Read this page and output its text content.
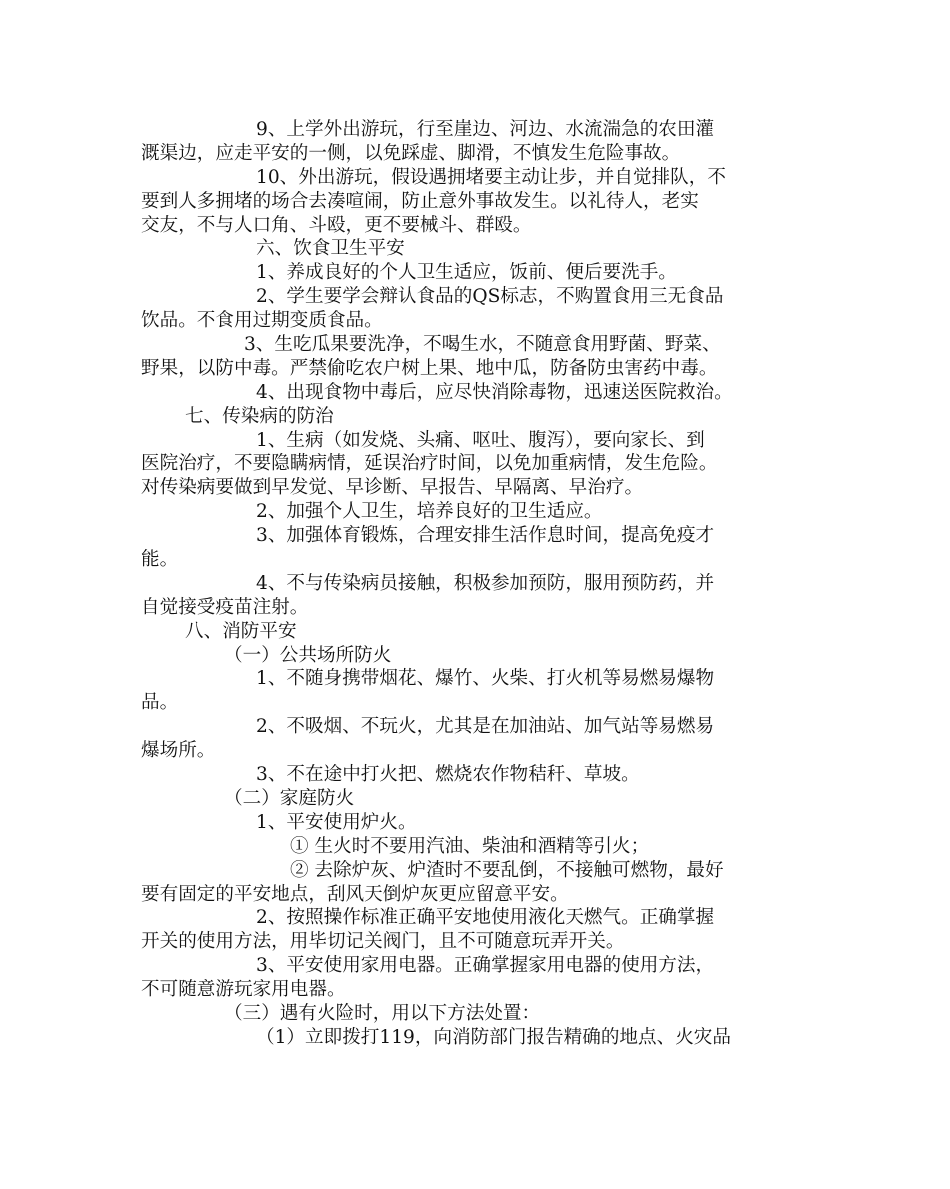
9、上学外出游玩，行至崖边、河边、水流湍急的农田灌
溉渠边，应走平安的一侧，以免踩虚、脚滑，不慎发生危险事故。
10、外出游玩，假设遇拥堵要主动让步，并自觉排队，不
要到人多拥堵的场合去凑喧闹，防止意外事故发生。以礼待人，老实
交友，不与人口角、斗殴，更不要械斗、群殴。
六、饮食卫生平安
1、养成良好的个人卫生适应，饭前、便后要洗手。
2、学生要学会辩认食品的QS标志，不购置食用三无食品
饮品。不食用过期变质食品。
3、生吃瓜果要洗净，不喝生水，不随意食用野菌、野菜、
野果，以防中毒。严禁偷吃农户树上果、地中瓜，防备防虫害药中毒。
4、出现食物中毒后，应尽快消除毒物，迅速送医院救治。
七、传染病的防治
1、生病（如发烧、头痛、呕吐、腹泻），要向家长、到
医院治疗，不要隐瞒病情，延误治疗时间，以免加重病情，发生危险。
对传染病要做到早发觉、早诊断、早报告、早隔离、早治疗。
2、加强个人卫生，培养良好的卫生适应。
3、加强体育锻炼，合理安排生活作息时间，提高免疫才
能。
4、不与传染病员接触，积极参加预防，服用预防药，并
自觉接受疫苗注射。
八、消防平安
（一）公共场所防火
1、不随身携带烟花、爆竹、火柴、打火机等易燃易爆物
品。
2、不吸烟、不玩火，尤其是在加油站、加气站等易燃易
爆场所。
3、不在途中打火把、燃烧农作物秸秆、草坡。
（二）家庭防火
1、平安使用炉火。
① 生火时不要用汽油、柴油和酒精等引火；
② 去除炉灰、炉渣时不要乱倒，不接触可燃物，最好
要有固定的平安地点，刮风天倒炉灰更应留意平安。
2、按照操作标准正确平安地使用液化天燃气。正确掌握
开关的使用方法，用毕切记关阀门，且不可随意玩弄开关。
3、平安使用家用电器。正确掌握家用电器的使用方法，
不可随意游玩家用电器。
（三）遇有火险时，用以下方法处置：
（1）立即拨打119，向消防部门报告精确的地点、火灾品
